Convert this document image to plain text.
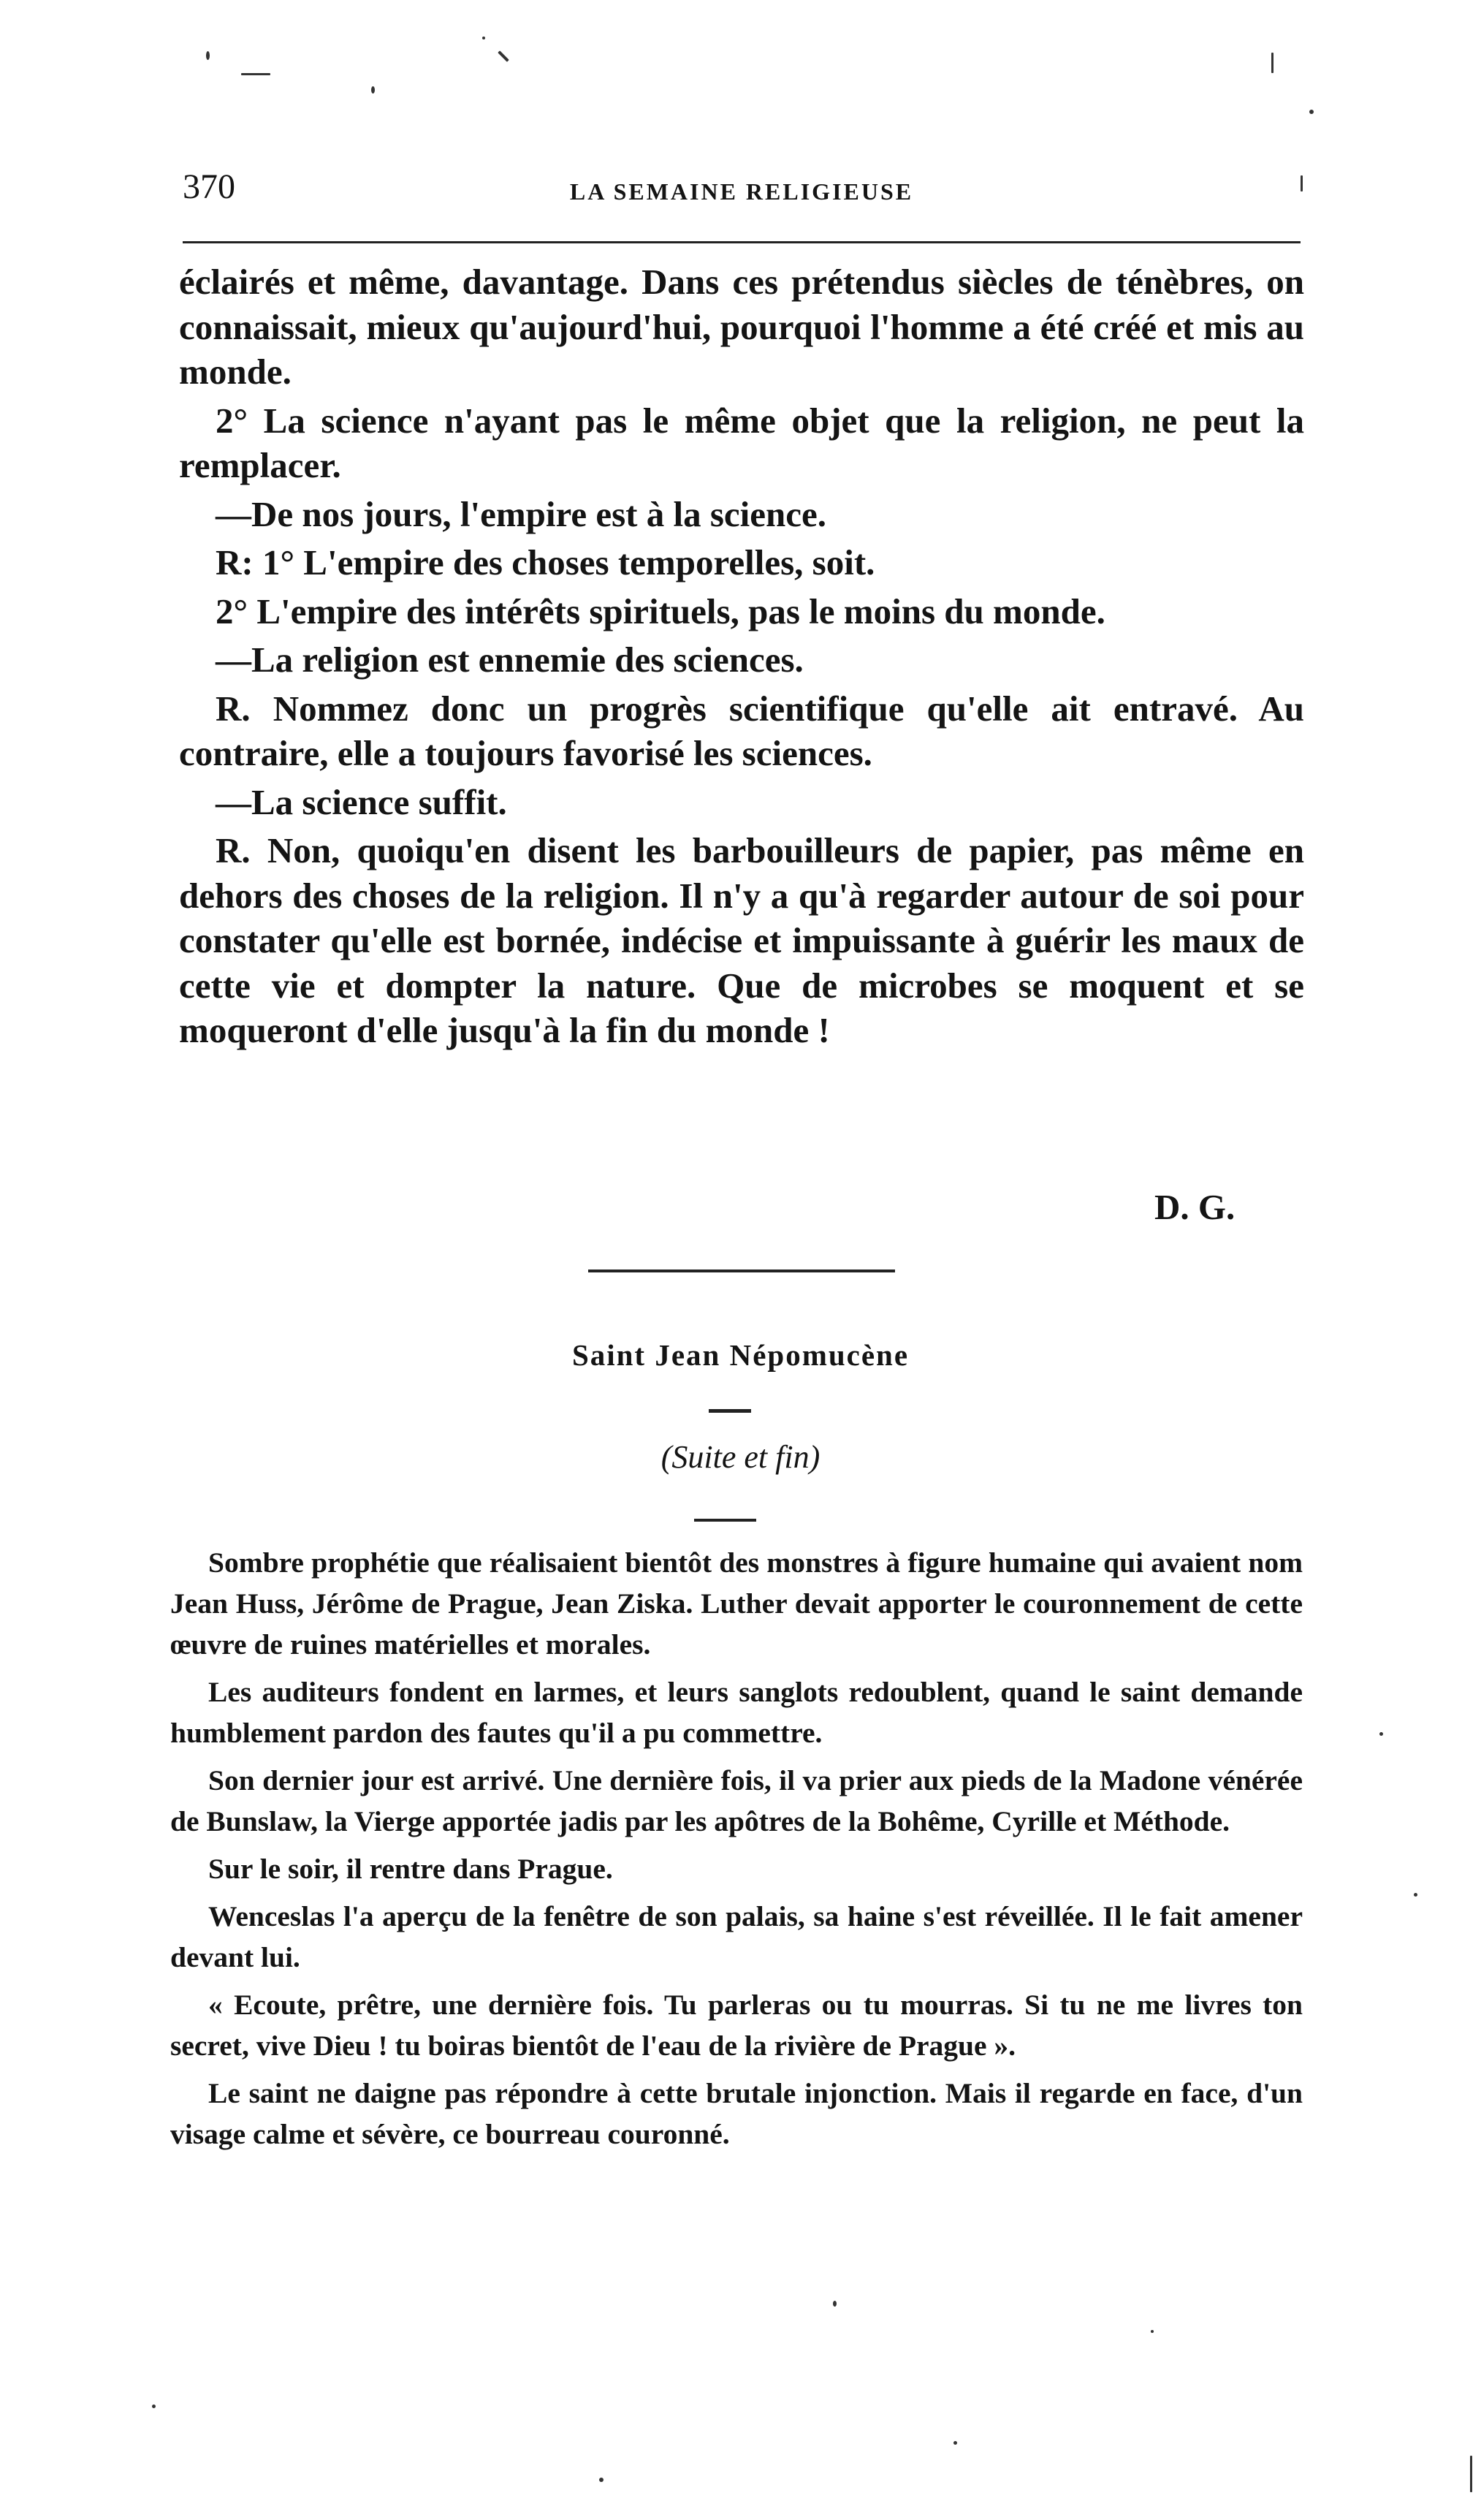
370	LA SEMAINE RELIGIEUSE

éclairés et même, davantage. Dans ces prétendus siècles de ténèbres, on connaissait, mieux qu'aujourd'hui, pourquoi l'homme a été créé et mis au monde.

2° La science n'ayant pas le même objet que la religion, ne peut la remplacer.

—De nos jours, l'empire est à la science.

R: 1° L'empire des choses temporelles, soit.

2° L'empire des intérêts spirituels, pas le moins du monde.

—La religion est ennemie des sciences.

R. Nommez donc un progrès scientifique qu'elle ait entravé. Au contraire, elle a toujours favorisé les sciences.

—La science suffit.

R. Non, quoiqu'en disent les barbouilleurs de papier, pas même en dehors des choses de la religion. Il n'y a qu'à regarder autour de soi pour constater qu'elle est bornée, indécise et impuissante à guérir les maux de cette vie et dompter la nature. Que de microbes se moquent et se moqueront d'elle jusqu'à la fin du monde !

D. G.
Saint Jean Népomucène
(Suite et fin)

Sombre prophétie que réalisaient bientôt des monstres à figure humaine qui avaient nom Jean Huss, Jérôme de Prague, Jean Ziska. Luther devait apporter le couronnement de cette œuvre de ruines matérielles et morales.

Les auditeurs fondent en larmes, et leurs sanglots redoublent, quand le saint demande humblement pardon des fautes qu'il a pu commettre.

Son dernier jour est arrivé. Une dernière fois, il va prier aux pieds de la Madone vénérée de Bunslaw, la Vierge apportée jadis par les apôtres de la Bohême, Cyrille et Méthode.

Sur le soir, il rentre dans Prague.

Wenceslas l'a aperçu de la fenêtre de son palais, sa haine s'est réveillée. Il le fait amener devant lui.

« Ecoute, prêtre, une dernière fois. Tu parleras ou tu mourras. Si tu ne me livres ton secret, vive Dieu ! tu boiras bientôt de l'eau de la rivière de Prague ».

Le saint ne daigne pas répondre à cette brutale injonction. Mais il regarde en face, d'un visage calme et sévère, ce bourreau couronné.
